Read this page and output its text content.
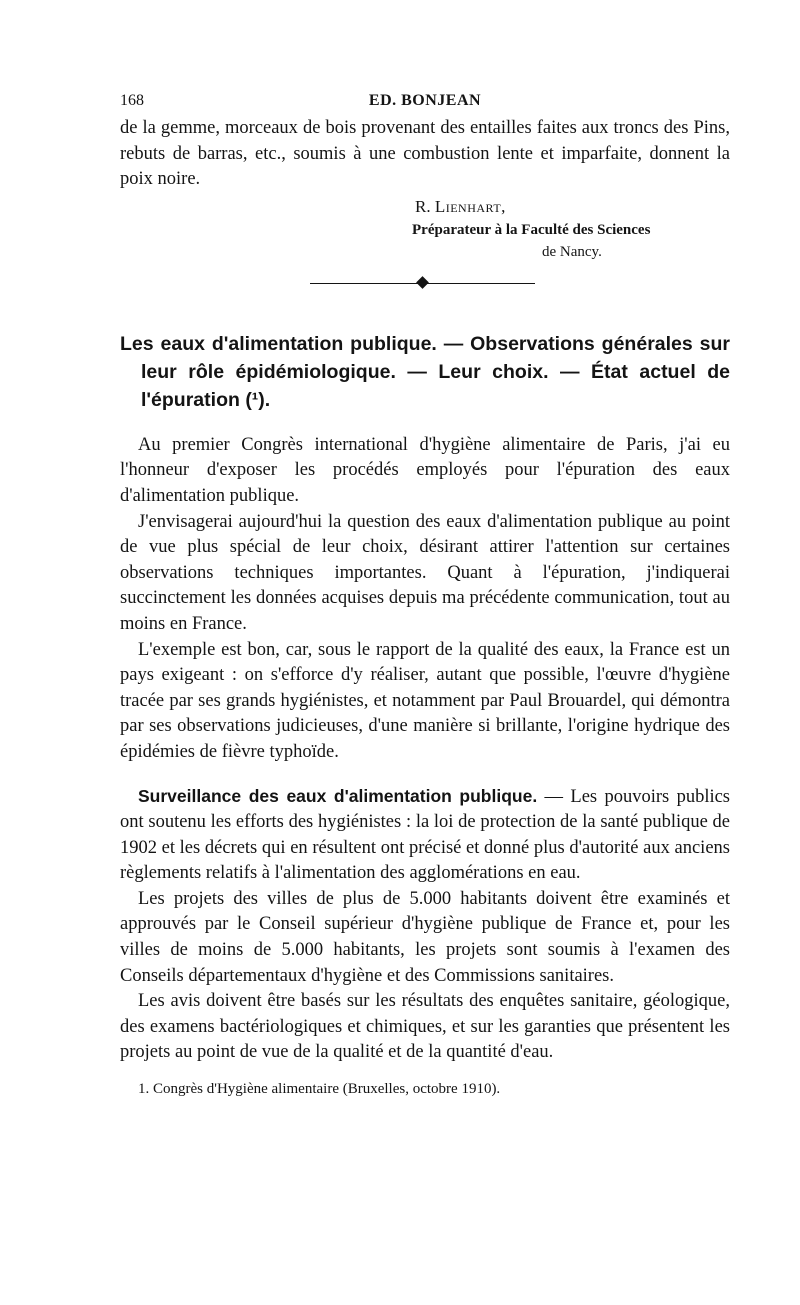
168	ED. BONJEAN

de la gemme, morceaux de bois provenant des entailles faites aux troncs des Pins, rebuts de barras, etc., soumis à une combustion lente et imparfaite, donnent la poix noire.

R. Lienhart,
Préparateur à la Faculté des Sciences
de Nancy.
Les eaux d'alimentation publique. — Observations générales sur leur rôle épidémiologique. — Leur choix. — État actuel de l'épuration (¹).

Au premier Congrès international d'hygiène alimentaire de Paris, j'ai eu l'honneur d'exposer les procédés employés pour l'épuration des eaux d'alimentation publique.

J'envisagerai aujourd'hui la question des eaux d'alimentation publique au point de vue plus spécial de leur choix, désirant attirer l'attention sur certaines observations techniques importantes. Quant à l'épuration, j'indiquerai succinctement les données acquises depuis ma précédente communication, tout au moins en France.

L'exemple est bon, car, sous le rapport de la qualité des eaux, la France est un pays exigeant : on s'efforce d'y réaliser, autant que possible, l'œuvre d'hygiène tracée par ses grands hygiénistes, et notamment par Paul Brouardel, qui démontra par ses observations judicieuses, d'une manière si brillante, l'origine hydrique des épidémies de fièvre typhoïde.

Surveillance des eaux d'alimentation publique. — Les pouvoirs publics ont soutenu les efforts des hygiénistes : la loi de protection de la santé publique de 1902 et les décrets qui en résultent ont précisé et donné plus d'autorité aux anciens règlements relatifs à l'alimentation des agglomérations en eau.

Les projets des villes de plus de 5.000 habitants doivent être examinés et approuvés par le Conseil supérieur d'hygiène publique de France et, pour les villes de moins de 5.000 habitants, les projets sont soumis à l'examen des Conseils départementaux d'hygiène et des Commissions sanitaires.

Les avis doivent être basés sur les résultats des enquêtes sanitaire, géologique, des examens bactériologiques et chimiques, et sur les garanties que présentent les projets au point de vue de la qualité et de la quantité d'eau.

1. Congrès d'Hygiène alimentaire (Bruxelles, octobre 1910).
